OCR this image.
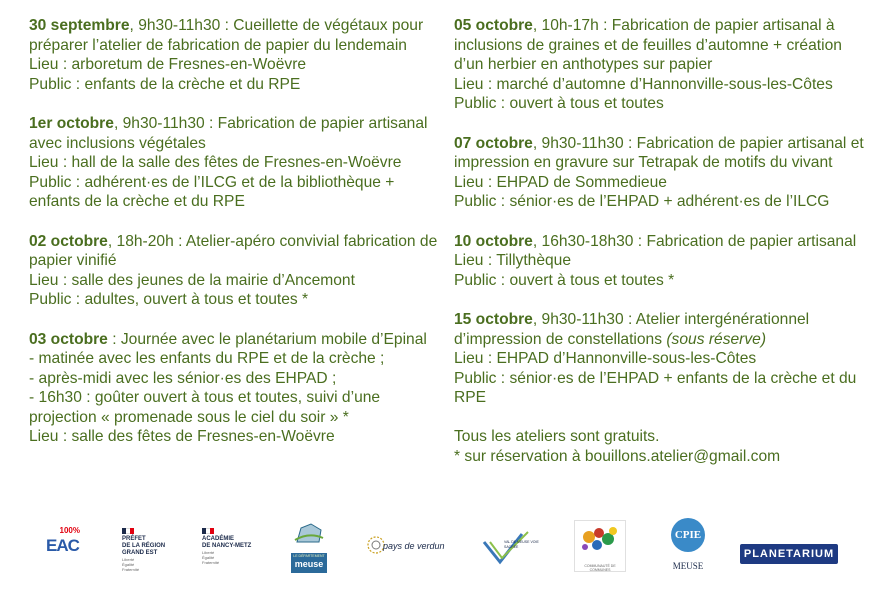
30 septembre, 9h30-11h30 : Cueillette de végétaux pour préparer l’atelier de fabrication de papier du lendemain

Lieu : arboretum de Fresnes-en-Woëvre

Public : enfants de la crèche et du RPE

1er octobre, 9h30-11h30 : Fabrication de papier artisanal avec inclusions végétales

Lieu : hall de la salle des fêtes de Fresnes-en-Woëvre

Public : adhérent·es de l’ILCG et de la bibliothèque + enfants de la crèche et du RPE

02 octobre, 18h-20h : Atelier-apéro convivial fabrication de papier vinifié

Lieu : salle des jeunes de la mairie d’Ancemont

Public : adultes, ouvert à tous et toutes *

03 octobre : Journée avec le planétarium mobile d’Epinal

- matinée avec les enfants du RPE et de la crèche ;

- après-midi avec les sénior·es des EHPAD ;

- 16h30 : goûter ouvert à tous et toutes, suivi d’une projection « promenade sous le ciel du soir » *

Lieu : salle des fêtes de Fresnes-en-Woëvre

05 octobre, 10h-17h : Fabrication de papier artisanal à inclusions de graines et de feuilles d’automne + création d’un herbier en anthotypes sur papier

Lieu : marché d’automne d’Hannonville-sous-les-Côtes

Public : ouvert à tous et toutes

07 octobre, 9h30-11h30 : Fabrication de papier artisanal et impression en gravure sur Tetrapak de motifs du vivant

Lieu : EHPAD de Sommedieue

Public : sénior·es de l’EHPAD + adhérent·es de l’ILCG

10 octobre, 16h30-18h30 : Fabrication de papier artisanal

Lieu : Tillythèque

Public : ouvert à tous et toutes *

15 octobre, 9h30-11h30 : Atelier intergénérationnel d’impression de constellations (sous réserve)

Lieu : EHPAD d’Hannonville-sous-les-Côtes

Public : sénior·es de l’EHPAD + enfants de la crèche et du RPE

Tous les ateliers sont gratuits.

* sur réservation à bouillons.atelier@gmail.com

100%
EAC	PRÉFET
DE LA RÉGION
GRAND EST
Liberté
Égalité
Fraternité
ACADÉMIE
DE NANCY-METZ
Liberté
Égalité
Fraternité
LE DÉPARTEMENT
meuse
pays de verdun	VAL DE MEUSE VOIE SACRÉE
COMMUNAUTÉ DE COMMUNES
CPIE
MEUSE
PLANETARIUM
